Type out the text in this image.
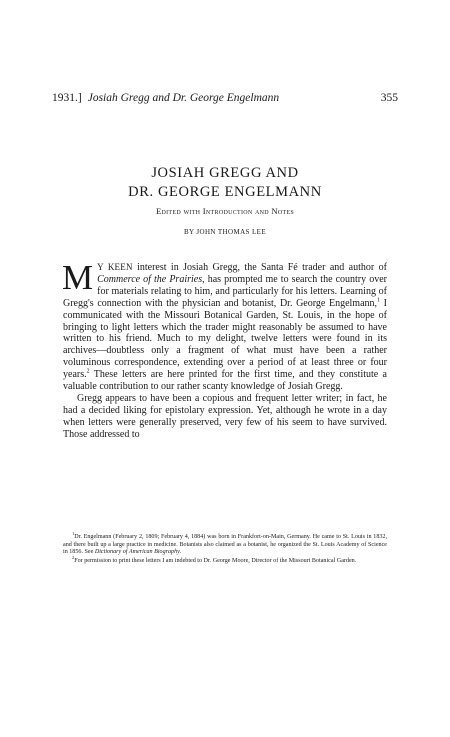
1931.] Josiah Gregg and Dr. George Engelmann	355
JOSIAH GREGG AND
DR. GEORGE ENGELMANN
Edited with Introduction and Notes
BY JOHN THOMAS LEE

MY KEEN interest in Josiah Gregg, the Santa Fé trader and author of Commerce of the Prairies, has prompted me to search the country over for materials relating to him, and particularly for his letters. Learning of Gregg's connection with the physician and botanist, Dr. George Engelmann,$^1$ I communicated with the Missouri Botanical Garden, St. Louis, in the hope of bringing to light letters which the trader might reasonably be assumed to have written to his friend. Much to my delight, twelve letters were found in its archives—doubtless only a fragment of what must have been a rather voluminous correspondence, extending over a period of at least three or four years.$^2$ These letters are here printed for the first time, and they constitute a valuable contribution to our rather scanty knowledge of Josiah Gregg.

Gregg appears to have been a copious and frequent letter writer; in fact, he had a decided liking for epistolary expression. Yet, although he wrote in a day when letters were generally preserved, very few of his seem to have survived. Those addressed to

$^1$Dr. Engelmann (February 2, 1809; February 4, 1884) was born in Frankfort-on-Main, Germany. He came to St. Louis in 1832, and there built up a large practice in medicine. Botanists also claimed as a botanist, he organized the St. Louis Academy of Science in 1856. See Dictionary of American Biography.

$^2$For permission to print these letters I am indebted to Dr. George Moore, Director of the Missouri Botanical Garden.
